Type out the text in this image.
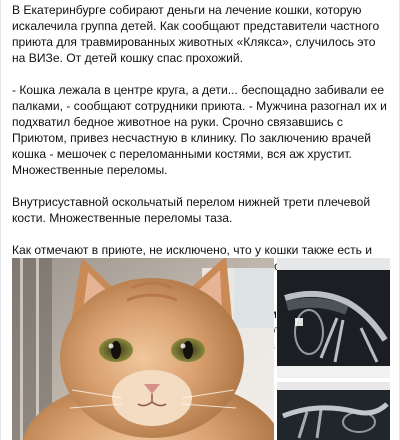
В Екатеринбурге собирают деньги на лечение кошки, которую искалечила группа детей. Как сообщают представители частного приюта для травмированных животных «Клякса», случилось это на ВИЗе. От детей кошку спас прохожий.

- Кошка лежала в центре круга, а дети... беспощадно забивали ее палками, - сообщают сотрудники приюта. - Мужчина разогнал их и подхватил бедное животное на руки. Срочно связавшись с Приютом, привез несчастную в клинику. По заключению врачей кошка - мешочек с переломанными костями, вся аж хрустит. Множественные переломы.

Внутрисуставной оскольчатый перелом нижней трети плечевой кости. Множественные переломы таза.

Как отмечают в приюте, не исключено, что у кошки также есть и
